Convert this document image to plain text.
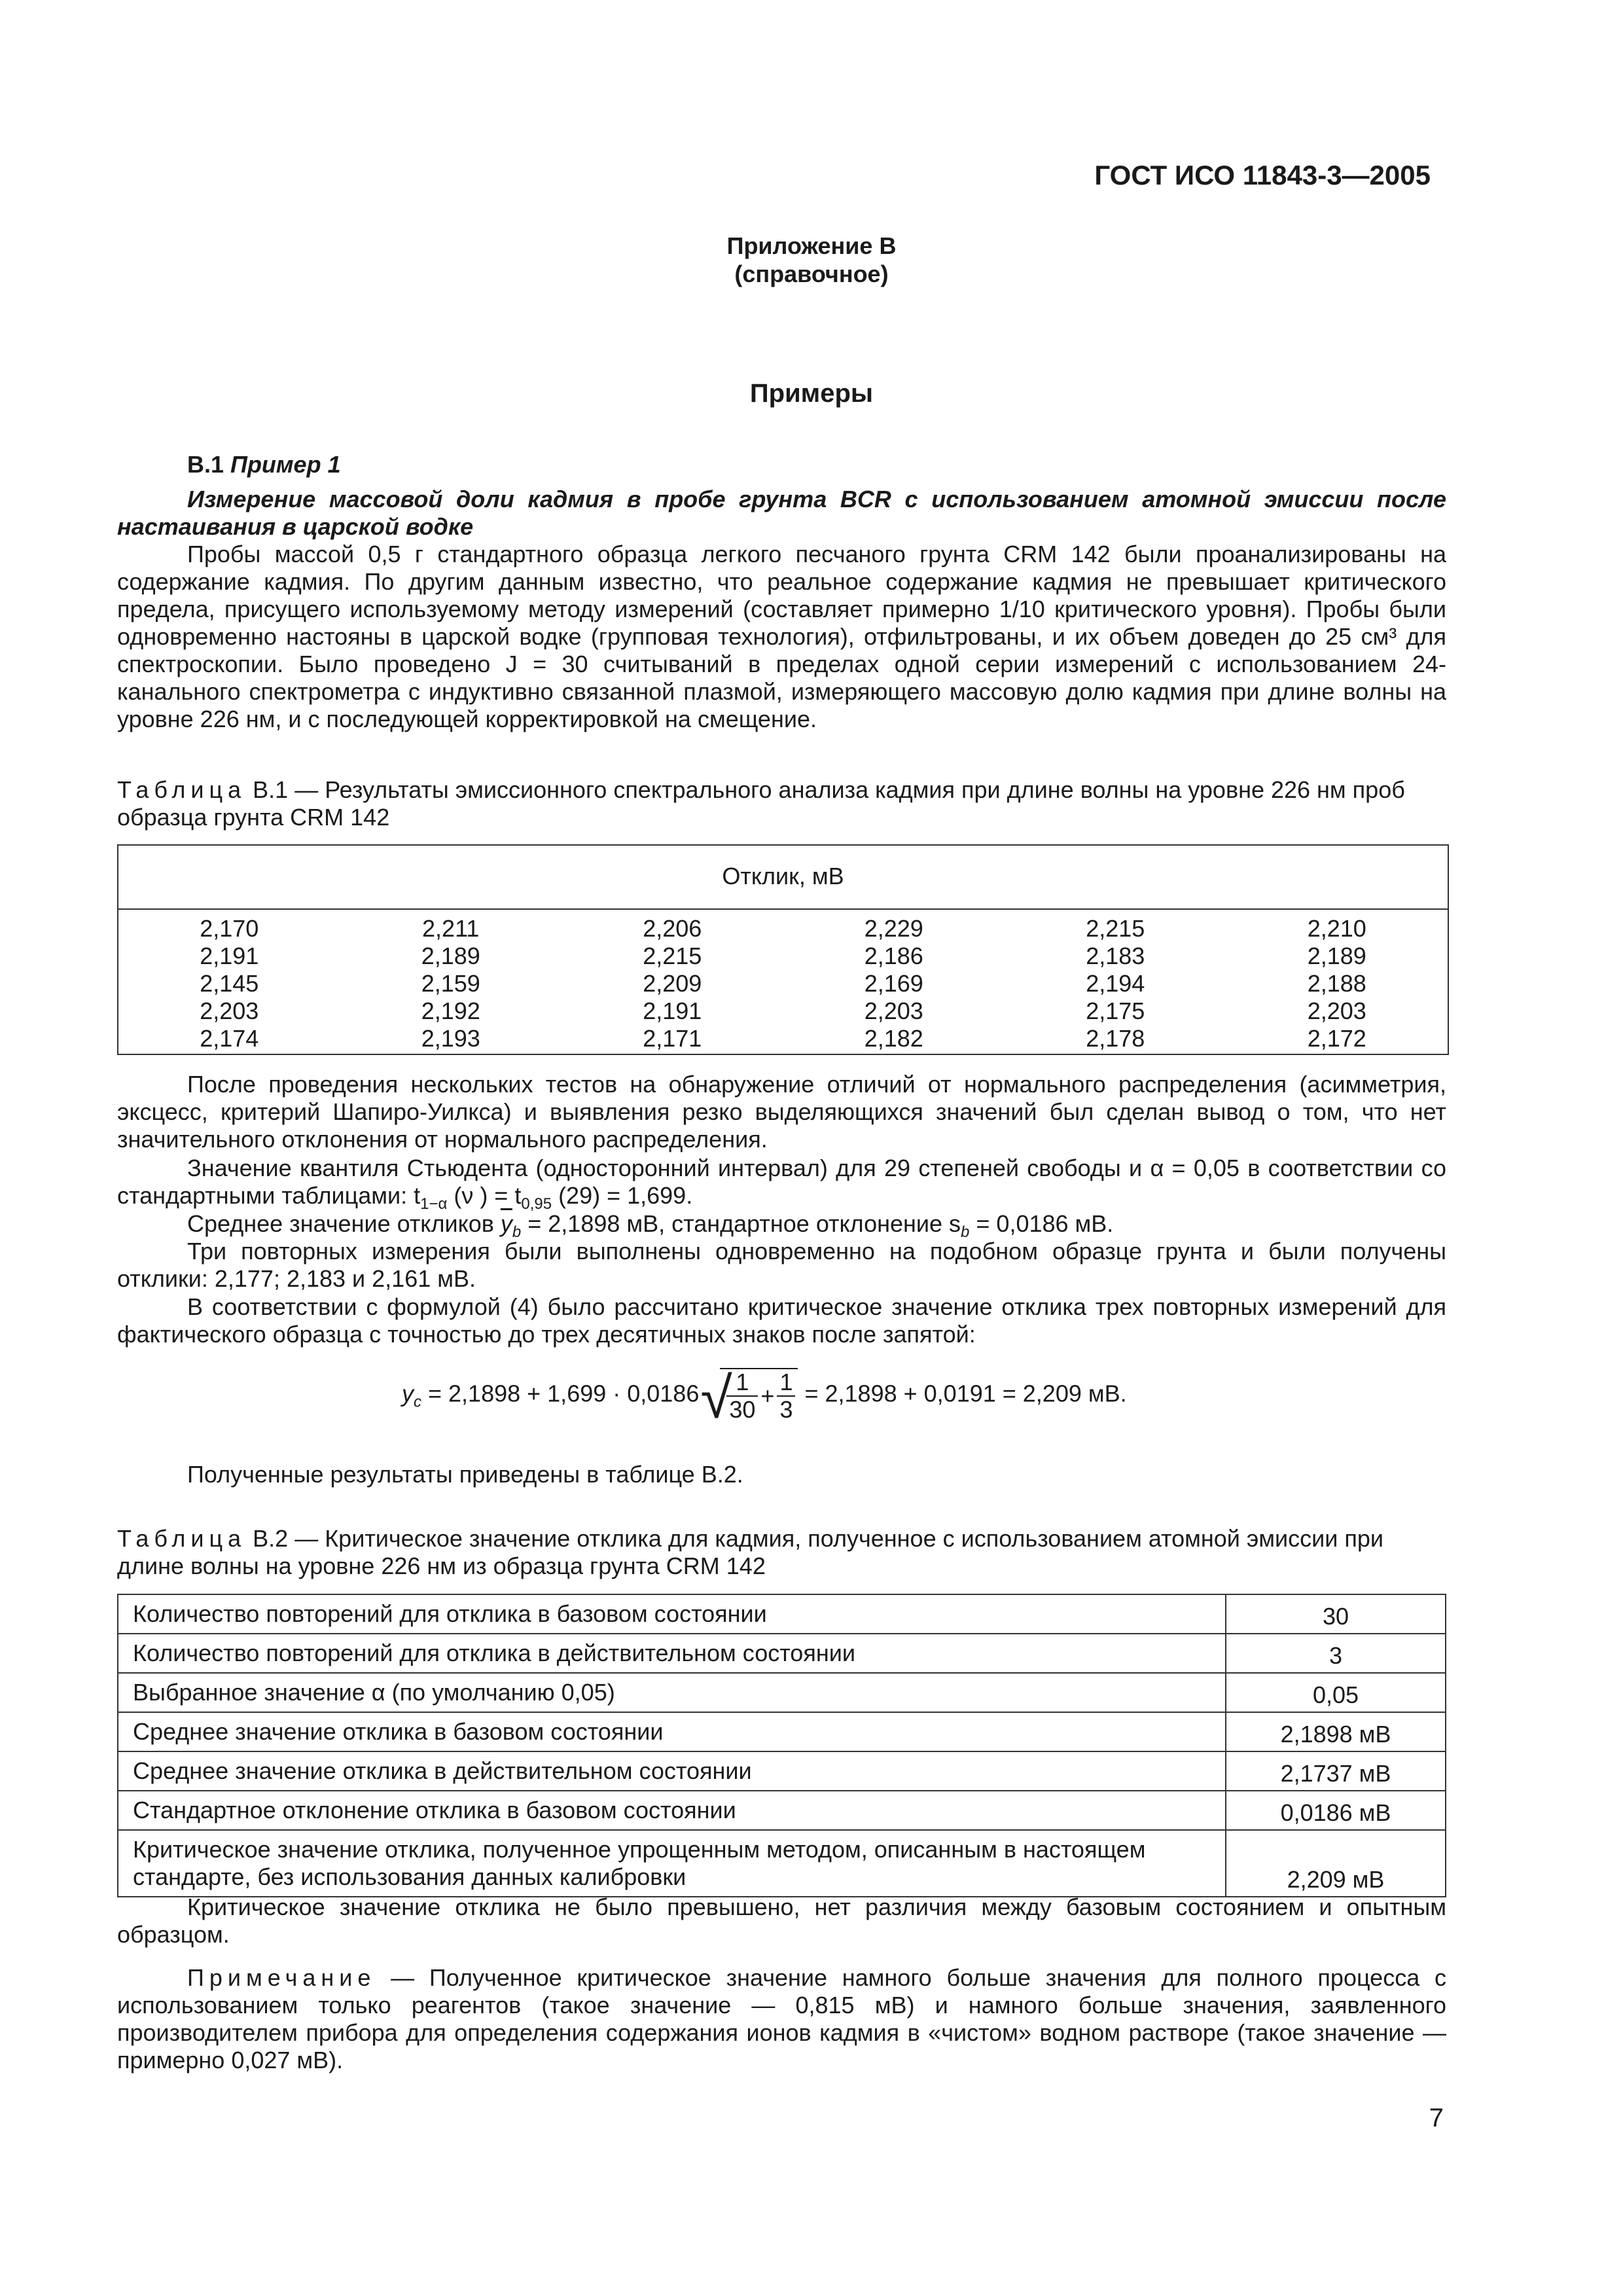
ГОСТ ИСО 11843-3—2005
Приложение В
(справочное)
Примеры
В.1 Пример 1
Измерение массовой доли кадмия в пробе грунта BCR с использованием атомной эмиссии после настаивания в царской водке
Пробы массой 0,5 г стандартного образца легкого песчаного грунта CRM 142 были проанализированы на содержание кадмия. По другим данным известно, что реальное содержание кадмия не превышает критического предела, присущего используемому методу измерений (составляет примерно 1/10 критического уровня). Пробы были одновременно настояны в царской водке (групповая технология), отфильтрованы, и их объем доведен до 25 см³ для спектроскопии. Было проведено J = 30 считываний в пределах одной серии измерений с использованием 24-канального спектрометра с индуктивно связанной плазмой, измеряющего массовую долю кадмия при длине волны на уровне 226 нм, и с последующей корректировкой на смещение.
Таблица В.1 — Результаты эмиссионного спектрального анализа кадмия при длине волны на уровне 226 нм проб образца грунта CRM 142
Отклик, мВ
2,170	2,211	2,206	2,229	2,215	2,210
2,191	2,189	2,215	2,186	2,183	2,189
2,145	2,159	2,209	2,169	2,194	2,188
2,203	2,192	2,191	2,203	2,175	2,203
2,174	2,193	2,171	2,182	2,178	2,172
После проведения нескольких тестов на обнаружение отличий от нормального распределения (асимметрия, эксцесс, критерий Шапиро-Уилкса) и выявления резко выделяющихся значений был сделан вывод о том, что нет значительного отклонения от нормального распределения.
Значение квантиля Стьюдента (односторонний интервал) для 29 степеней свободы и α = 0,05 в соответствии со стандартными таблицами: $t_{1-\alpha}$ (ν ) = $t_{0,95}$ (29) = 1,699.
Среднее значение откликов $\overline{y}_b = 2,1898$ мВ, стандартное отклонение $s_b = 0,0186$ мВ.
Три повторных измерения были выполнены одновременно на подобном образце грунта и были получены отклики: 2,177; 2,183 и 2,161 мВ.
В соответствии с формулой (4) было рассчитано критическое значение отклика трех повторных измерений для фактического образца с точностью до трех десятичных знаков после запятой:
$y_c = 2,1898 + 1,699 \cdot 0,0186$ √ $\frac{1}{30} + \frac{1}{3} = 2,1898 + 0,0191 = 2,209$ мВ.
Полученные результаты приведены в таблице В.2.
Таблица В.2 — Критическое значение отклика для кадмия, полученное с использованием атомной эмиссии при длине волны на уровне 226 нм из образца грунта CRM 142
Количество повторений для отклика в базовом состоянии	30
Количество повторений для отклика в действительном состоянии	3
Выбранное значение α (по умолчанию 0,05)	0,05
Среднее значение отклика в базовом состоянии	2,1898 мВ
Среднее значение отклика в действительном состоянии	2,1737 мВ
Стандартное отклонение отклика в базовом состоянии	0,0186 мВ
Критическое значение отклика, полученное упрощенным методом, описанным в настоящем стандарте, без использования данных калибровки	2,209 мВ
Критическое значение отклика не было превышено, нет различия между базовым состоянием и опытным образцом.
Примечание — Полученное критическое значение намного больше значения для полного процесса с использованием только реагентов (такое значение — 0,815 мВ) и намного больше значения, заявленного производителем прибора для определения содержания ионов кадмия в «чистом» водном растворе (такое значение — примерно 0,027 мВ).
7
